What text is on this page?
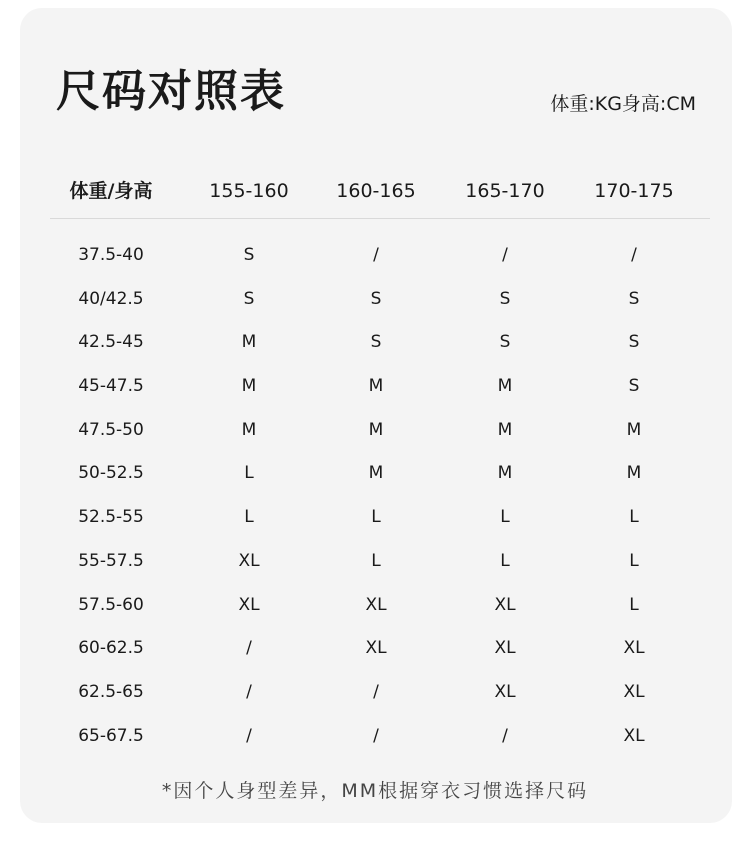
尺码对照表	体重:KG身高:CM
体重/身高	155-160	160-165	165-170	170-175
37.5-40	S	/	/	/
40/42.5	S	S	S	S
42.5-45	M	S	S	S
45-47.5	M	M	M	S
47.5-50	M	M	M	M
50-52.5	L	M	M	M
52.5-55	L	L	L	L
55-57.5	XL	L	L	L
57.5-60	XL	XL	XL	L
60-62.5	/	XL	XL	XL
62.5-65	/	/	XL	XL
65-67.5	/	/	/	XL
*因个人身型差异，MM根据穿衣习惯选择尺码
